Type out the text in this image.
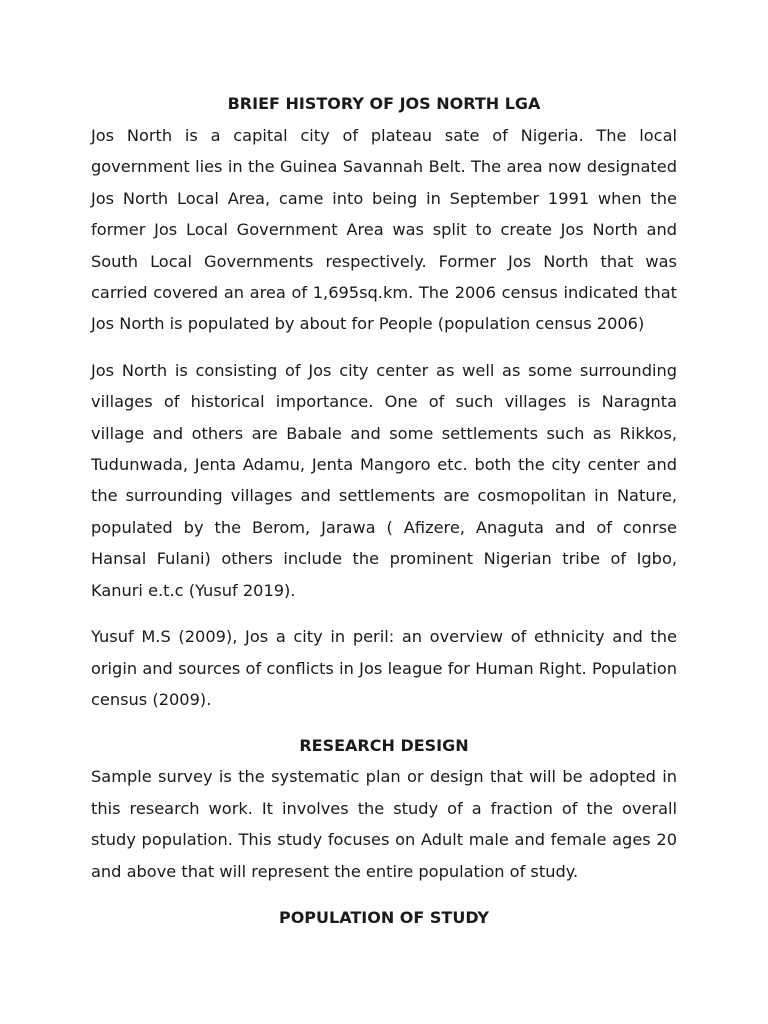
BRIEF HISTORY OF JOS NORTH LGA

Jos North is a capital city of plateau sate of Nigeria. The local government lies in the Guinea Savannah Belt. The area now designated Jos North Local Area, came into being in September 1991 when the former Jos Local Government Area was split to create Jos North and South Local Governments respectively. Former Jos North that was carried covered an area of 1,695sq.km. The 2006 census indicated that Jos North is populated by about for People (population census 2006)

Jos North is consisting of Jos city center as well as some surrounding villages of historical importance. One of such villages is Naragnta village and others are Babale and some settlements such as Rikkos, Tudunwada, Jenta Adamu, Jenta Mangoro etc. both the city center and the surrounding villages and settlements are cosmopolitan in Nature, populated by the Berom, Jarawa ( Afizere, Anaguta and of conrse Hansal Fulani) others include the prominent Nigerian tribe of Igbo, Kanuri e.t.c (Yusuf 2019).

Yusuf M.S (2009), Jos a city in peril: an overview of ethnicity and the origin and sources of conflicts in Jos league for Human Right. Population census (2009).

RESEARCH DESIGN

Sample survey is the systematic plan or design that will be adopted in this research work. It involves the study of a fraction of the overall study population. This study focuses on Adult male and female ages 20 and above that will represent the entire population of study.

POPULATION OF STUDY
